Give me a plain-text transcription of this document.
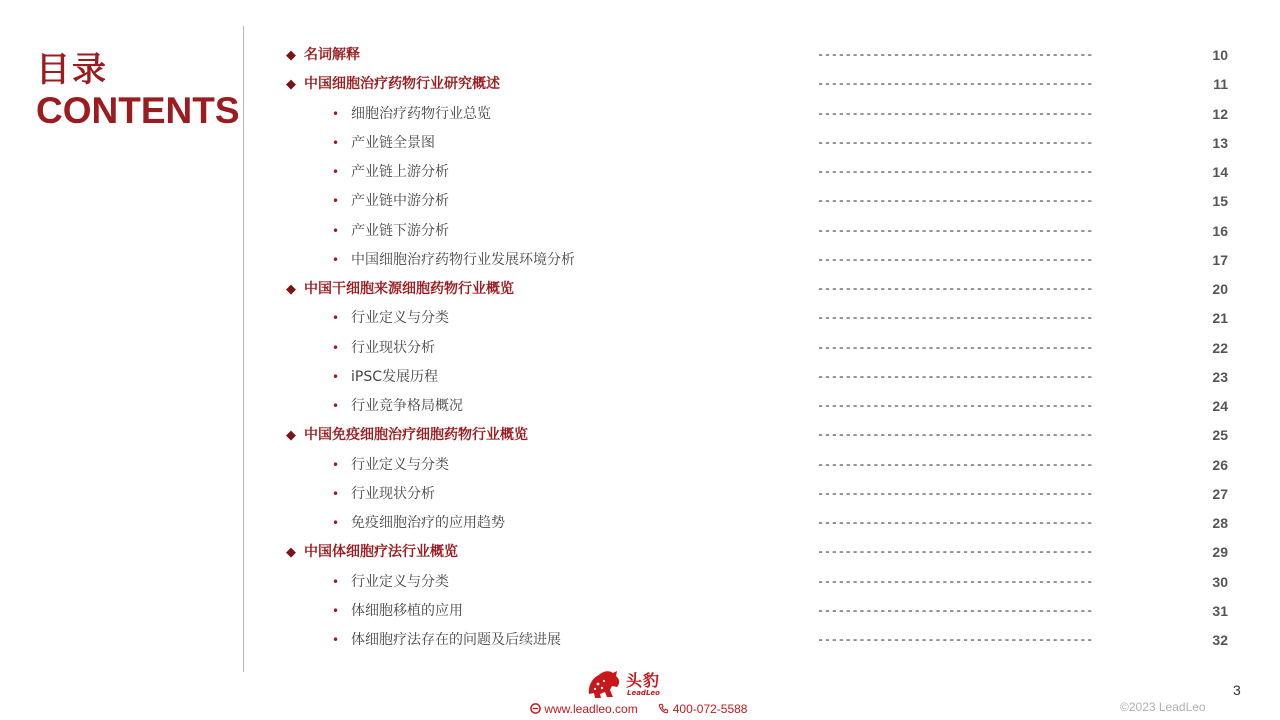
目录
CONTENTS
◆ 名词解释	----------------------------------------	10
◆ 中国细胞治疗药物行业研究概述	----------------------------------------	11
• 细胞治疗药物行业总览	----------------------------------------	12
• 产业链全景图	----------------------------------------	13
• 产业链上游分析	----------------------------------------	14
• 产业链中游分析	----------------------------------------	15
• 产业链下游分析	----------------------------------------	16
• 中国细胞治疗药物行业发展环境分析	----------------------------------------	17
◆ 中国干细胞来源细胞药物行业概览	----------------------------------------	20
• 行业定义与分类	----------------------------------------	21
• 行业现状分析	----------------------------------------	22
• iPSC发展历程	----------------------------------------	23
• 行业竞争格局概况	----------------------------------------	24
◆ 中国免疫细胞治疗细胞药物行业概览	----------------------------------------	25
• 行业定义与分类	----------------------------------------	26
• 行业现状分析	----------------------------------------	27
• 免疫细胞治疗的应用趋势	----------------------------------------	28
◆ 中国体细胞疗法行业概览	----------------------------------------	29
• 行业定义与分类	----------------------------------------	30
• 体细胞移植的应用	----------------------------------------	31
• 体细胞疗法存在的问题及后续进展	----------------------------------------	32
头豹
LeadLeo
www.leadleo.com	400-072-5588	©2023 LeadLeo
3
